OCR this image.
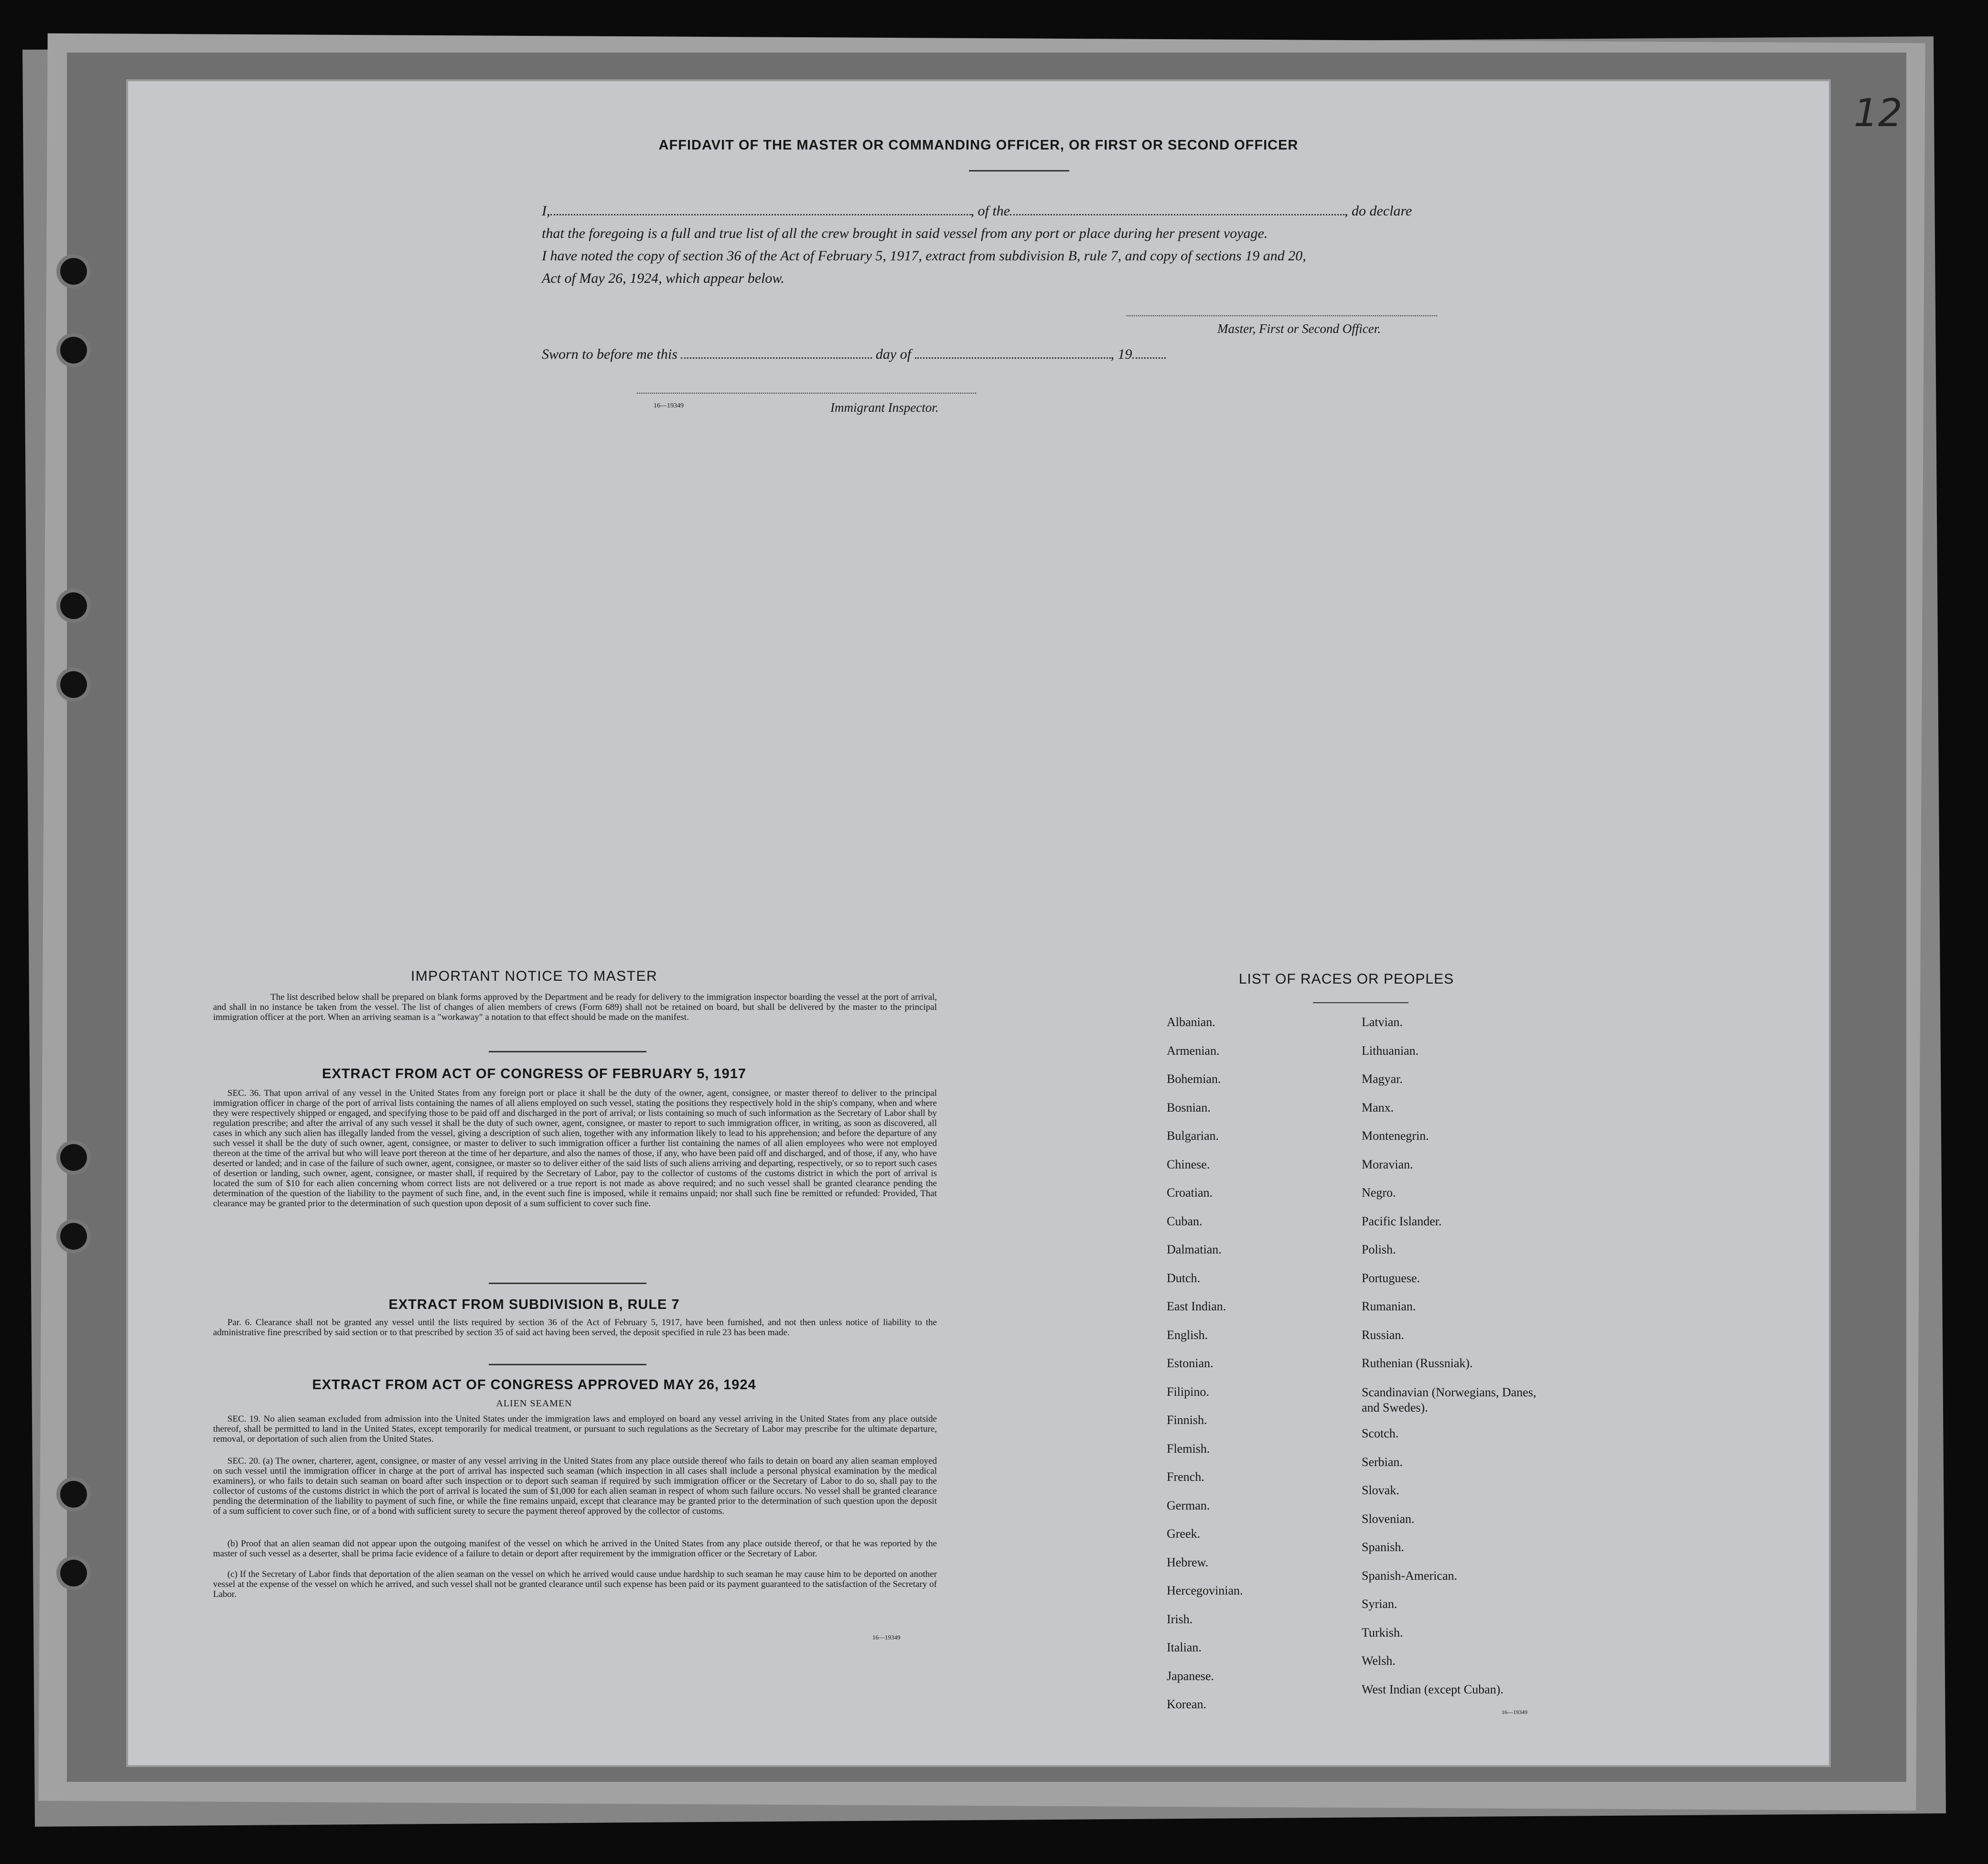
12
AFFIDAVIT OF THE MASTER OR COMMANDING OFFICER, OR FIRST OR SECOND OFFICER
I,	, of the	, do declare
that the foregoing is a full and true list of all the crew brought in said vessel from any port or place during her present voyage.
I have noted the copy of section 36 of the Act of February 5, 1917, extract from subdivision B, rule 7, and copy of sections 19 and 20,
Act of May 26, 1924, which appear below.
Master, First or Second Officer.
Sworn to before me this	day of	, 19
16—19349	Immigrant Inspector.
IMPORTANT NOTICE TO MASTER
The list described below shall be prepared on blank forms approved by the Department and be ready for delivery to the immigration inspector boarding the vessel at the port of arrival, and shall in no instance be taken from the vessel. The list of changes of alien members of crews (Form 689) shall not be retained on board, but shall be delivered by the master to the principal immigration officer at the port. When an arriving seaman is a "workaway" a notation to that effect should be made on the manifest.
EXTRACT FROM ACT OF CONGRESS OF FEBRUARY 5, 1917
SEC. 36. That upon arrival of any vessel in the United States from any foreign port or place it shall be the duty of the owner, agent, consignee, or master thereof to deliver to the principal immigration officer in charge of the port of arrival lists containing the names of all aliens employed on such vessel, stating the positions they respectively hold in the ship's company, when and where they were respectively shipped or engaged, and specifying those to be paid off and discharged in the port of arrival; or lists containing so much of such information as the Secretary of Labor shall by regulation prescribe; and after the arrival of any such vessel it shall be the duty of such owner, agent, consignee, or master to report to such immigration officer, in writing, as soon as discovered, all cases in which any such alien has illegally landed from the vessel, giving a description of such alien, together with any information likely to lead to his apprehension; and before the departure of any such vessel it shall be the duty of such owner, agent, consignee, or master to deliver to such immigration officer a further list containing the names of all alien employees who were not employed thereon at the time of the arrival but who will leave port thereon at the time of her departure, and also the names of those, if any, who have been paid off and discharged, and of those, if any, who have deserted or landed; and in case of the failure of such owner, agent, consignee, or master so to deliver either of the said lists of such aliens arriving and departing, respectively, or so to report such cases of desertion or landing, such owner, agent, consignee, or master shall, if required by the Secretary of Labor, pay to the collector of customs of the customs district in which the port of arrival is located the sum of $10 for each alien concerning whom correct lists are not delivered or a true report is not made as above required; and no such vessel shall be granted clearance pending the determination of the question of the liability to the payment of such fine, and, in the event such fine is imposed, while it remains unpaid; nor shall such fine be remitted or refunded: Provided, That clearance may be granted prior to the determination of such question upon deposit of a sum sufficient to cover such fine.
EXTRACT FROM SUBDIVISION B, RULE 7
Par. 6. Clearance shall not be granted any vessel until the lists required by section 36 of the Act of February 5, 1917, have been furnished, and not then unless notice of liability to the administrative fine prescribed by said section or to that prescribed by section 35 of said act having been served, the deposit specified in rule 23 has been made.
EXTRACT FROM ACT OF CONGRESS APPROVED MAY 26, 1924
ALIEN SEAMEN
SEC. 19. No alien seaman excluded from admission into the United States under the immigration laws and employed on board any vessel arriving in the United States from any place outside thereof, shall be permitted to land in the United States, except temporarily for medical treatment, or pursuant to such regulations as the Secretary of Labor may prescribe for the ultimate departure, removal, or deportation of such alien from the United States.
SEC. 20. (a) The owner, charterer, agent, consignee, or master of any vessel arriving in the United States from any place outside thereof who fails to detain on board any alien seaman employed on such vessel until the immigration officer in charge at the port of arrival has inspected such seaman (which inspection in all cases shall include a personal physical examination by the medical examiners), or who fails to detain such seaman on board after such inspection or to deport such seaman if required by such immigration officer or the Secretary of Labor to do so, shall pay to the collector of customs of the customs district in which the port of arrival is located the sum of $1,000 for each alien seaman in respect of whom such failure occurs. No vessel shall be granted clearance pending the determination of the liability to payment of such fine, or while the fine remains unpaid, except that clearance may be granted prior to the determination of such question upon the deposit of a sum sufficient to cover such fine, or of a bond with sufficient surety to secure the payment thereof approved by the collector of customs.
(b) Proof that an alien seaman did not appear upon the outgoing manifest of the vessel on which he arrived in the United States from any place outside thereof, or that he was reported by the master of such vessel as a deserter, shall be prima facie evidence of a failure to detain or deport after requirement by the immigration officer or the Secretary of Labor.
(c) If the Secretary of Labor finds that deportation of the alien seaman on the vessel on which he arrived would cause undue hardship to such seaman he may cause him to be deported on another vessel at the expense of the vessel on which he arrived, and such vessel shall not be granted clearance until such expense has been paid or its payment guaranteed to the satisfaction of the Secretary of Labor.
16—19349
LIST OF RACES OR PEOPLES
Albanian.
Armenian.
Bohemian.
Bosnian.
Bulgarian.
Chinese.
Croatian.
Cuban.
Dalmatian.
Dutch.
East Indian.
English.
Estonian.
Filipino.
Finnish.
Flemish.
French.
German.
Greek.
Hebrew.
Hercegovinian.
Irish.
Italian.
Japanese.
Korean.
Latvian.
Lithuanian.
Magyar.
Manx.
Montenegrin.
Moravian.
Negro.
Pacific Islander.
Polish.
Portuguese.
Rumanian.
Russian.
Ruthenian (Russniak).
Scandinavian (Norwegians, Danes, and Swedes).
Scotch.
Serbian.
Slovak.
Slovenian.
Spanish.
Spanish-American.
Syrian.
Turkish.
Welsh.
West Indian (except Cuban).
16—19349
